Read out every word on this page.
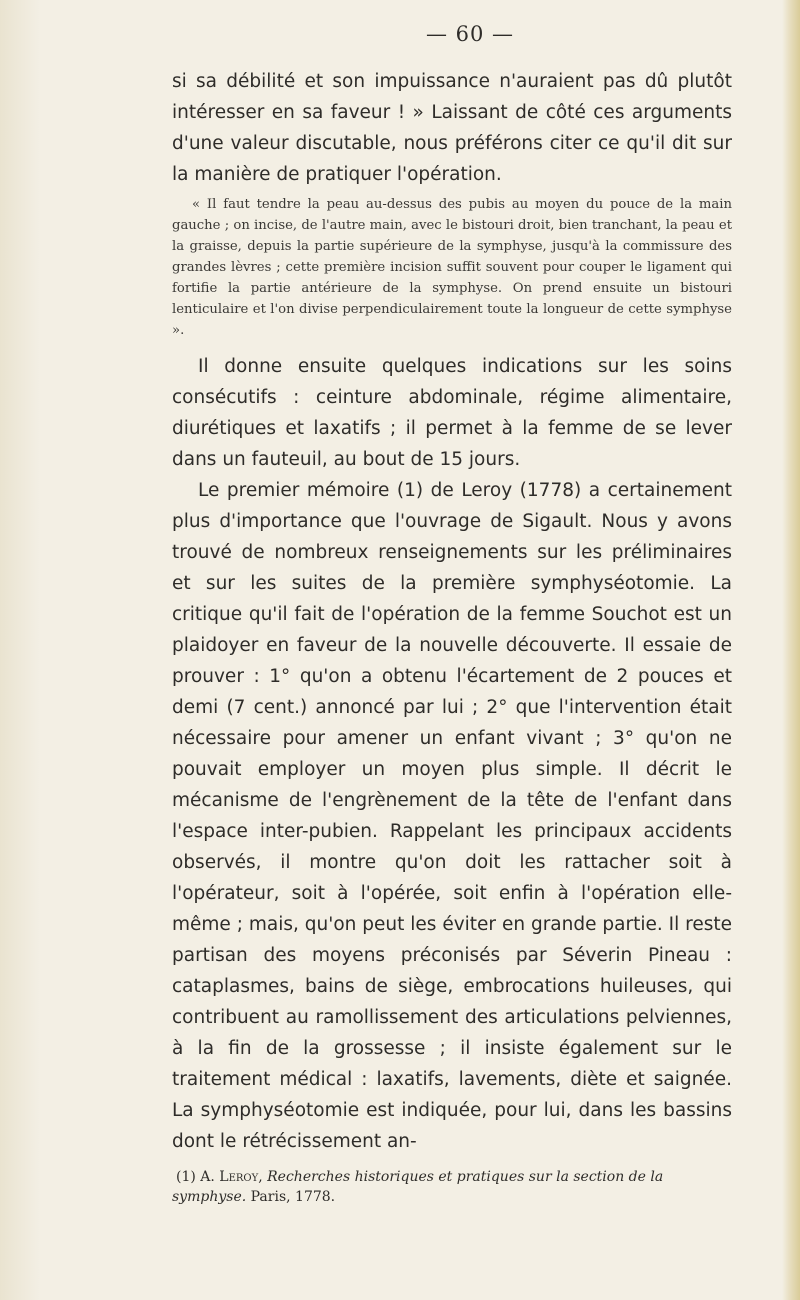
— 60 —

si sa débilité et son impuissance n'auraient pas dû plutôt intéresser en sa faveur ! » Laissant de côté ces arguments d'une valeur discutable, nous préférons citer ce qu'il dit sur la manière de pratiquer l'opération.

« Il faut tendre la peau au-dessus des pubis au moyen du pouce de la main gauche ; on incise, de l'autre main, avec le bistouri droit, bien tranchant, la peau et la graisse, depuis la partie supérieure de la symphyse, jusqu'à la commissure des grandes lèvres ; cette première incision suffit souvent pour couper le ligament qui fortifie la partie antérieure de la symphyse. On prend ensuite un bistouri lenticulaire et l'on divise perpendiculairement toute la longueur de cette symphyse ».

Il donne ensuite quelques indications sur les soins consécutifs : ceinture abdominale, régime alimentaire, diurétiques et laxatifs ; il permet à la femme de se lever dans un fauteuil, au bout de 15 jours.

Le premier mémoire (1) de Leroy (1778) a certainement plus d'importance que l'ouvrage de Sigault. Nous y avons trouvé de nombreux renseignements sur les préliminaires et sur les suites de la première symphyséotomie. La critique qu'il fait de l'opération de la femme Souchot est un plaidoyer en faveur de la nouvelle découverte. Il essaie de prouver : 1° qu'on a obtenu l'écartement de 2 pouces et demi (7 cent.) annoncé par lui ; 2° que l'intervention était nécessaire pour amener un enfant vivant ; 3° qu'on ne pouvait employer un moyen plus simple. Il décrit le mécanisme de l'engrènement de la tête de l'enfant dans l'espace inter-pubien. Rappelant les principaux accidents observés, il montre qu'on doit les rattacher soit à l'opérateur, soit à l'opérée, soit enfin à l'opération elle-même ; mais, qu'on peut les éviter en grande partie. Il reste partisan des moyens préconisés par Séverin Pineau : cataplasmes, bains de siège, embrocations huileuses, qui contribuent au ramollissement des articulations pelviennes, à la fin de la grossesse ; il insiste également sur le traitement médical : laxatifs, lavements, diète et saignée. La symphyséotomie est indiquée, pour lui, dans les bassins dont le rétrécissement an-

(1) A. Leroy, Recherches historiques et pratiques sur la section de la symphyse. Paris, 1778.
